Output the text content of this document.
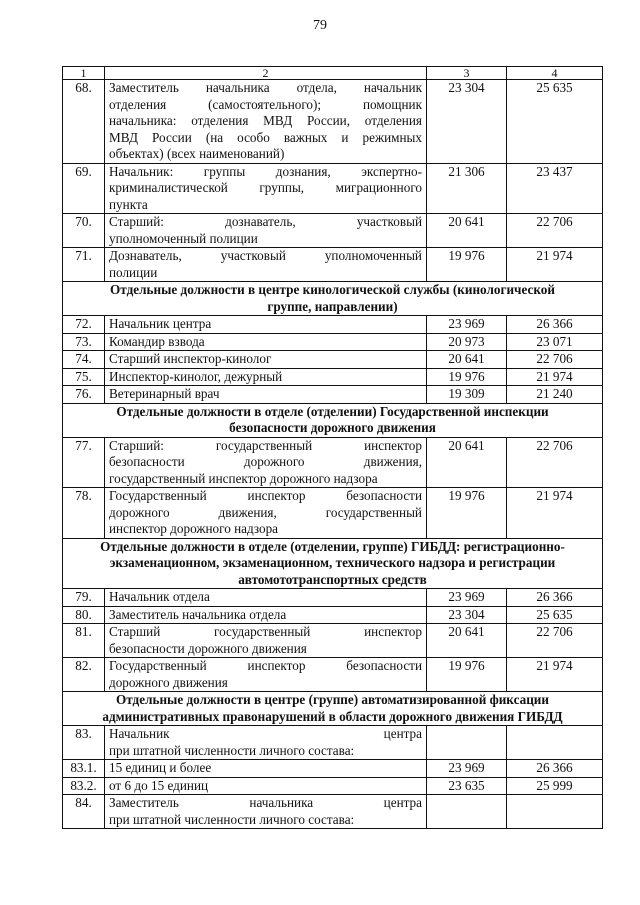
79
1	2	3	4
68.	Заместитель начальника отдела, начальник
отделения (самостоятельного); помощник
начальника: отделения МВД России, отделения
МВД России (на особо важных и режимных
объектах) (всех наименований)	23 304	25 635
69.	Начальник: группы дознания, экспертно-
криминалистической группы, миграционного
пункта	21 306	23 437
70.	Старший: дознаватель, участковый
уполномоченный полиции	20 641	22 706
71.	Дознаватель, участковый уполномоченный
полиции	19 976	21 974

Отдельные должности в центре кинологической службы (кинологической
группе, направлении)			

72.	Начальник центра	23 969	26 366
73.	Командир взвода	20 973	23 071
74.	Старший инспектор-кинолог	20 641	22 706
75.	Инспектор-кинолог, дежурный	19 976	21 974
76.	Ветеринарный врач	19 309	21 240

Отдельные должности в отделе (отделении) Государственной инспекции
безопасности дорожного движения			

77.	Старший: государственный инспектор
безопасности дорожного движения,
государственный инспектор дорожного надзора	20 641	22 706
78.	Государственный инспектор безопасности
дорожного движения, государственный
инспектор дорожного надзора	19 976	21 974

Отдельные должности в отделе (отделении, группе) ГИБДД: регистрационно-
экзаменационном, экзаменационном, технического надзора и регистрации
автомототранспортных средств			

79.	Начальник отдела	23 969	26 366
80.	Заместитель начальника отдела	23 304	25 635
81.	Старший государственный инспектор
безопасности дорожного движения	20 641	22 706
82.	Государственный инспектор безопасности
дорожного движения	19 976	21 974

Отдельные должности в центре (группе) автоматизированной фиксации
административных правонарушений в области дорожного движения ГИБДД			

83.	Начальник центра
при штатной численности личного состава:		

83.1.	15 единиц и более	23 969	26 366
83.2.	от 6 до 15 единиц	23 635	25 999
84.	Заместитель начальника центра
при штатной численности личного состава:		
